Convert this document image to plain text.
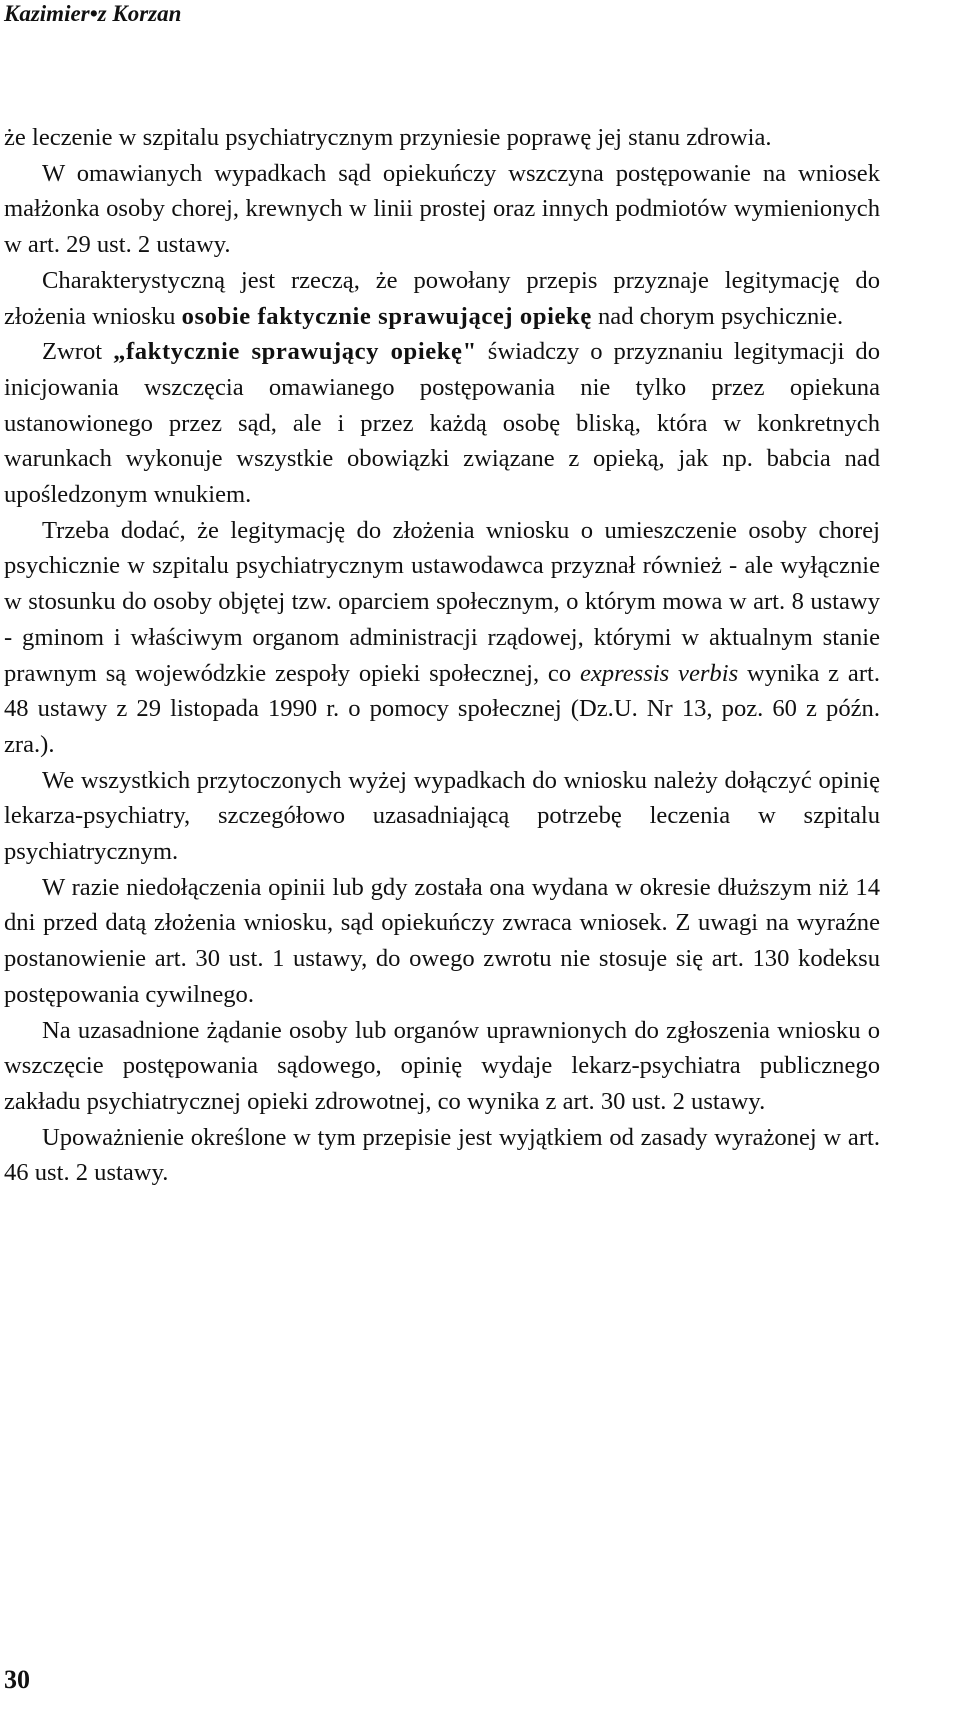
Kazimier•z Korzan

że leczenie w szpitalu psychiatrycznym przyniesie poprawę jej stanu zdrowia.

W omawianych wypadkach sąd opiekuńczy wszczyna postępowanie na wniosek małżonka osoby chorej, krewnych w linii prostej oraz innych podmiotów wymienionych w art. 29 ust. 2 ustawy.

Charakterystyczną jest rzeczą, że powołany przepis przyznaje legitymację do złożenia wniosku osobie faktycznie sprawującej opiekę nad chorym psychicznie.

Zwrot „faktycznie sprawujący opiekę" świadczy o przyznaniu legitymacji do inicjowania wszczęcia omawianego postępowania nie tylko przez opiekuna ustanowionego przez sąd, ale i przez każdą osobę bliską, która w konkretnych warunkach wykonuje wszystkie obowiązki związane z opieką, jak np. babcia nad upośledzonym wnukiem.

Trzeba dodać, że legitymację do złożenia wniosku o umieszczenie osoby chorej psychicznie w szpitalu psychiatrycznym ustawodawca przyznał również - ale wyłącznie w stosunku do osoby objętej tzw. oparciem społecznym, o którym mowa w art. 8 ustawy - gminom i właściwym organom administracji rządowej, którymi w aktualnym stanie prawnym są wojewódzkie zespoły opieki społecznej, co expressis verbis wynika z art. 48 ustawy z 29 listopada 1990 r. o pomocy społecznej (Dz.U. Nr 13, poz. 60 z późn. zra.).

We wszystkich przytoczonych wyżej wypadkach do wniosku należy dołączyć opinię lekarza-psychiatry, szczegółowo uzasadniającą potrzebę leczenia w szpitalu psychiatrycznym.

W razie niedołączenia opinii lub gdy została ona wydana w okresie dłuższym niż 14 dni przed datą złożenia wniosku, sąd opiekuńczy zwraca wniosek. Z uwagi na wyraźne postanowienie art. 30 ust. 1 ustawy, do owego zwrotu nie stosuje się art. 130 kodeksu postępowania cywilnego.

Na uzasadnione żądanie osoby lub organów uprawnionych do zgłoszenia wniosku o wszczęcie postępowania sądowego, opinię wydaje lekarz-psychiatra publicznego zakładu psychiatrycznej opieki zdrowotnej, co wynika z art. 30 ust. 2 ustawy.

Upoważnienie określone w tym przepisie jest wyjątkiem od zasady wyrażonej w art. 46 ust. 2 ustawy.

30
